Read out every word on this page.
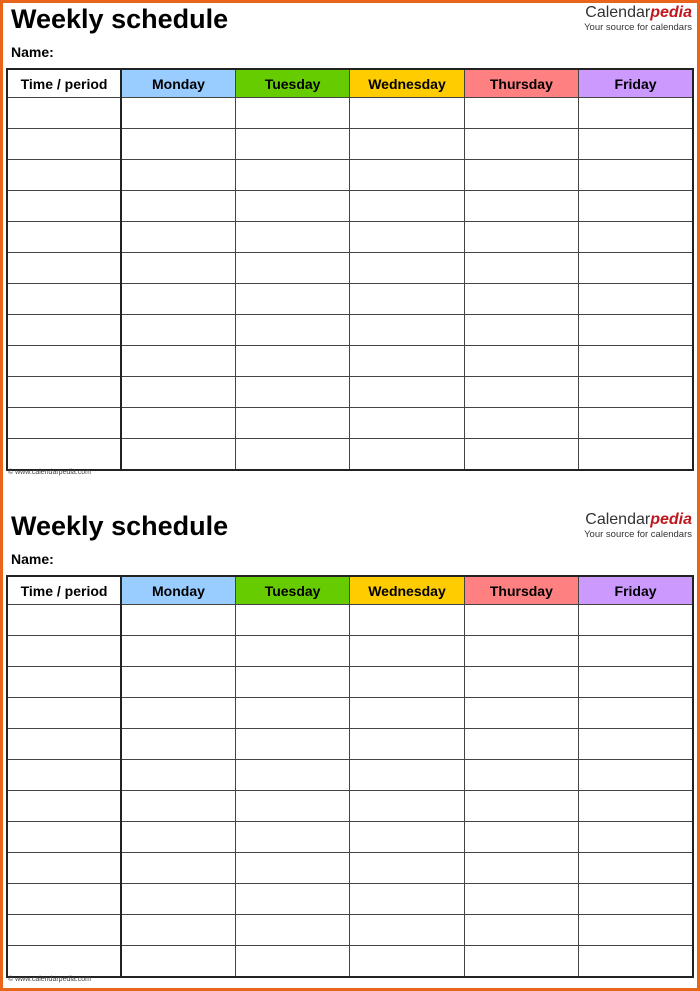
Weekly schedule
Name:
Calendarpedia
Your source for calendars
Time / period	Monday	Tuesday	Wednesday	Thursday	Friday

© www.calendarpedia.com
Weekly schedule
Name:
Calendarpedia
Your source for calendars
Time / period	Monday	Tuesday	Wednesday	Thursday	Friday

© www.calendarpedia.com
